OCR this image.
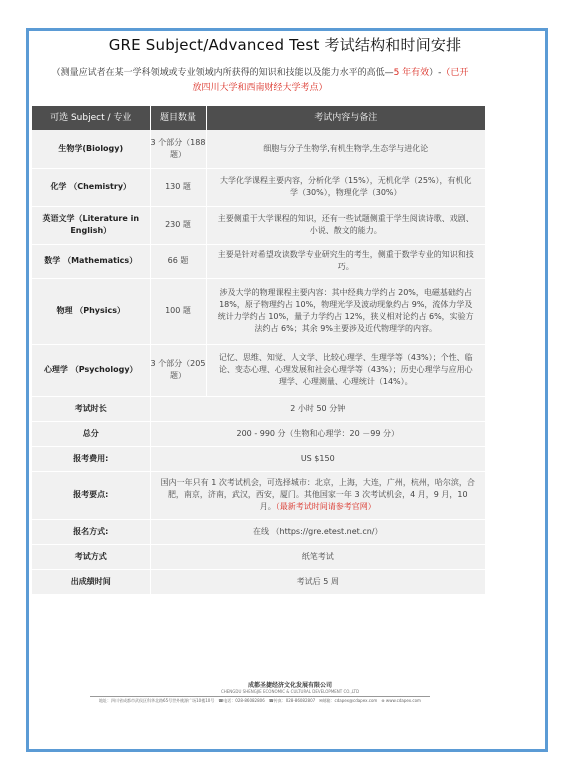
GRE Subject/Advanced Test 考试结构和时间安排

（测量应试者在某一学科领域或专业领域内所获得的知识和技能以及能力水平的高低—5 年有效）-（已开放四川大学和西南财经大学考点）

可选 Subject / 专业	题目数量	考试内容与备注
生物学(Biology)	3 个部分（188 题）	细胞与分子生物学,有机生物学,生态学与进化论
化学 （Chemistry）	130 题	大学化学课程主要内容，分析化学（15%），无机化学（25%），有机化学（30%），物理化学（30%）
英语文学（Literature in English）	230 题	主要侧重于大学课程的知识，还有一些试题侧重于学生阅读诗歌、戏剧、小说、散文的能力。
数学 （Mathematics）	66 题	主要是针对希望攻读数学专业研究生的考生，侧重于数学专业的知识和技巧。
物理 （Physics）	100 题	涉及大学的物理课程主要内容：其中经典力学约占 20%，电磁基础约占 18%，原子物理约占 10%，物理光学及波动现象约占 9%，流体力学及统计力学约占 10%，量子力学约占 12%，狭义相对论约占 6%，实验方法约占 6%；其余 9%主要涉及近代物理学的内容。
心理学 （Psychology）	3 个部分（205 题）	记忆、思维、知觉、人文学、比较心理学、生理学等（43%）；个性、临论、变态心理、心理发展和社会心理学等（43%）；历史心理学与应用心理学、心理测量、心理统计（14%）。
考试时长	2 小时 50 分钟	
总分	200 - 990 分（生物和心理学：20 －99 分）	
报考费用:	US $150	
报考要点:	国内一年只有 1 次考试机会，可选择城市：北京，上海，大连，广州，杭州，哈尔滨，合肥，南京，济南，武汉，西安，厦门。其他国家一年 3 次考试机会，4 月，9 月，10 月。（最新考试时间请参考官网）	
报名方式:	在线 （https://gre.etest.net.cn/）	
考试方式	纸笔考试	
出成绩时间	考试后 5 周	
成都圣捷经济文化发展有限公司
CHENGDU SHENGJIE ECONOMIC & CULTURAL DEVELOPMENT CO.,LTD
地址：四川省成都市武侯区科华北路65号世外桃源广场10楼10号　☎电话：028-86082806　☎传真：028-86082807　✉邮箱：cdapex@cdapex.com　⊕ www.cdapex.com
